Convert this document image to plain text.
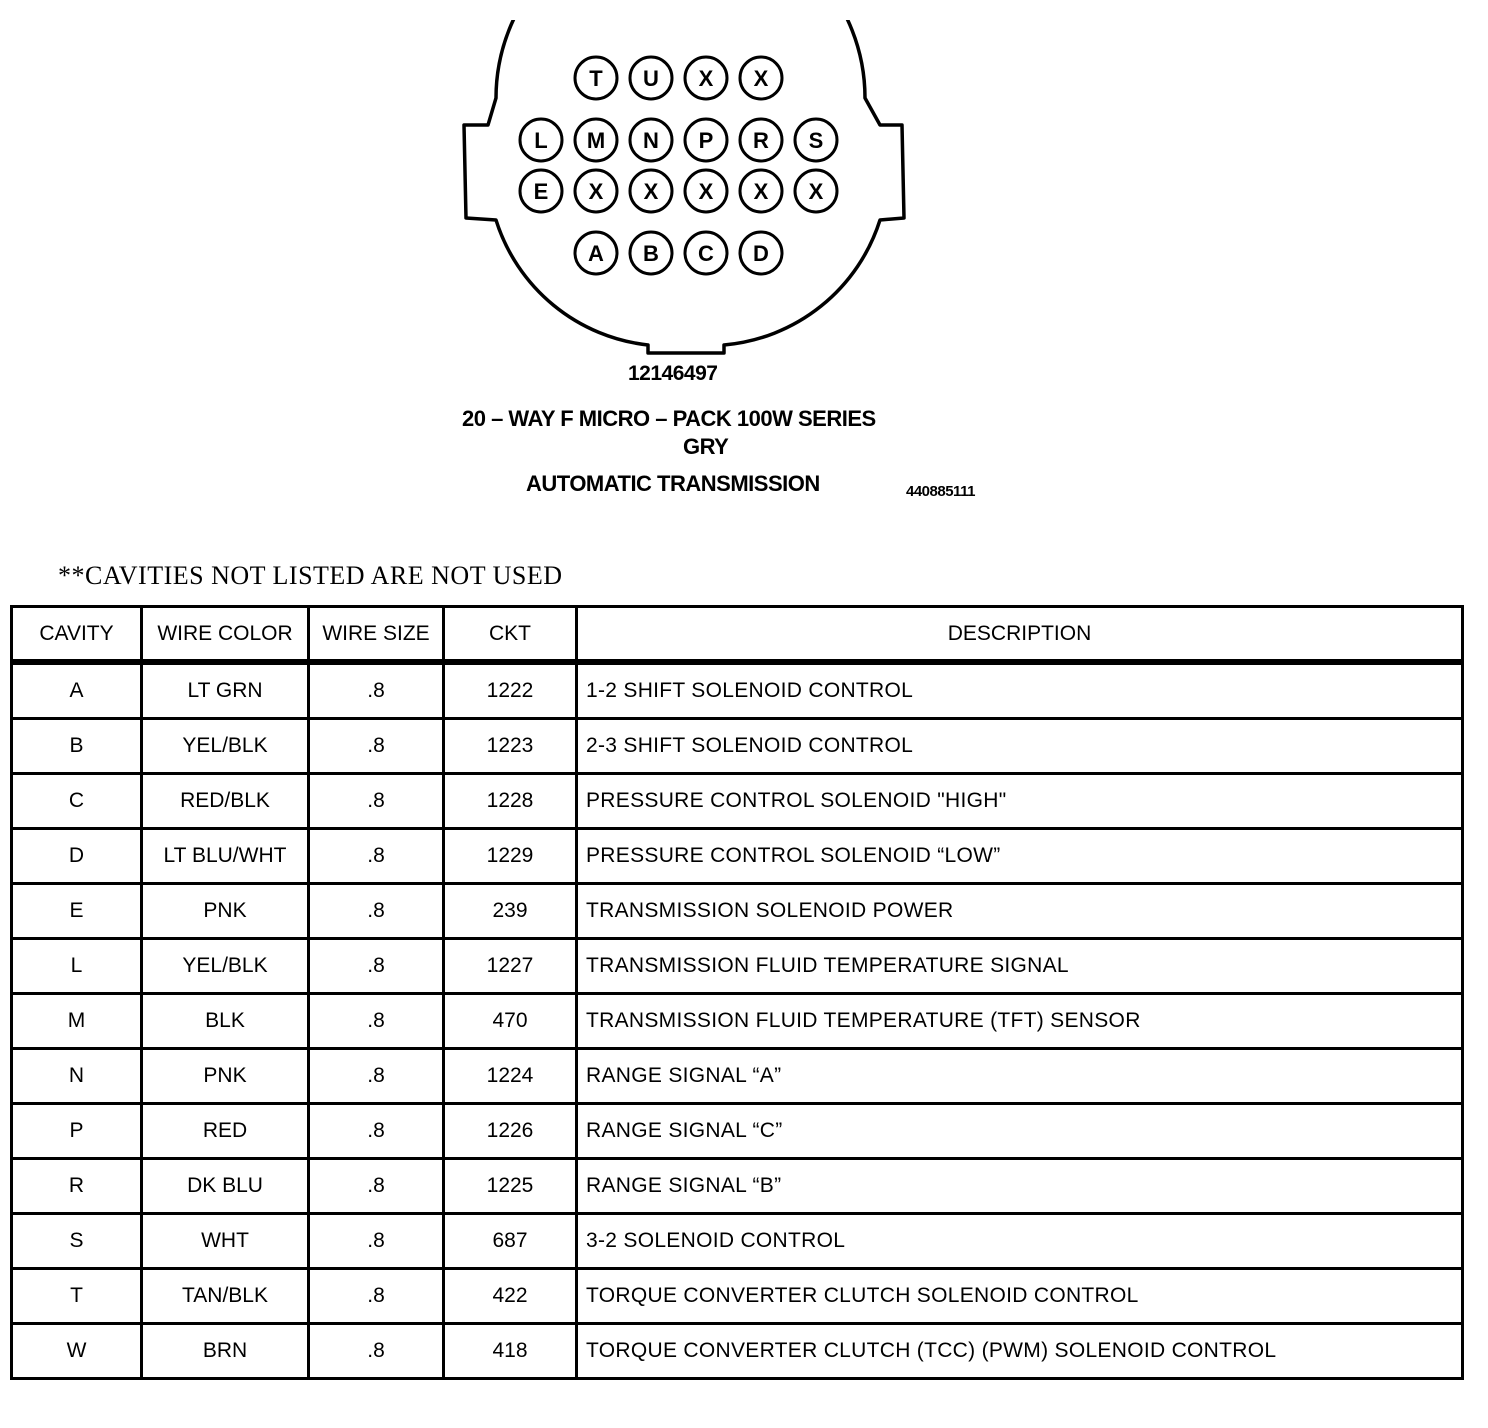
T U X X
L M N P R S
E X X X X X
A B C D
12146497
20 – WAY F MICRO – PACK 100W SERIES
GRY
AUTOMATIC TRANSMISSION	440885111
**CAVITIES NOT LISTED ARE NOT USED
CAVITY	WIRE COLOR	WIRE SIZE	CKT	DESCRIPTION
A	LT GRN	.8	1222	1-2 SHIFT SOLENOID CONTROL
B	YEL/BLK	.8	1223	2-3 SHIFT SOLENOID CONTROL
C	RED/BLK	.8	1228	PRESSURE CONTROL SOLENOID "HIGH"
D	LT BLU/WHT	.8	1229	PRESSURE CONTROL SOLENOID “LOW”
E	PNK	.8	239	TRANSMISSION SOLENOID POWER
L	YEL/BLK	.8	1227	TRANSMISSION FLUID TEMPERATURE SIGNAL
M	BLK	.8	470	TRANSMISSION FLUID TEMPERATURE (TFT) SENSOR
N	PNK	.8	1224	RANGE SIGNAL “A”
P	RED	.8	1226	RANGE SIGNAL “C”
R	DK BLU	.8	1225	RANGE SIGNAL “B”
S	WHT	.8	687	3-2 SOLENOID CONTROL
T	TAN/BLK	.8	422	TORQUE CONVERTER CLUTCH SOLENOID CONTROL
W	BRN	.8	418	TORQUE CONVERTER CLUTCH (TCC) (PWM) SOLENOID CONTROL
